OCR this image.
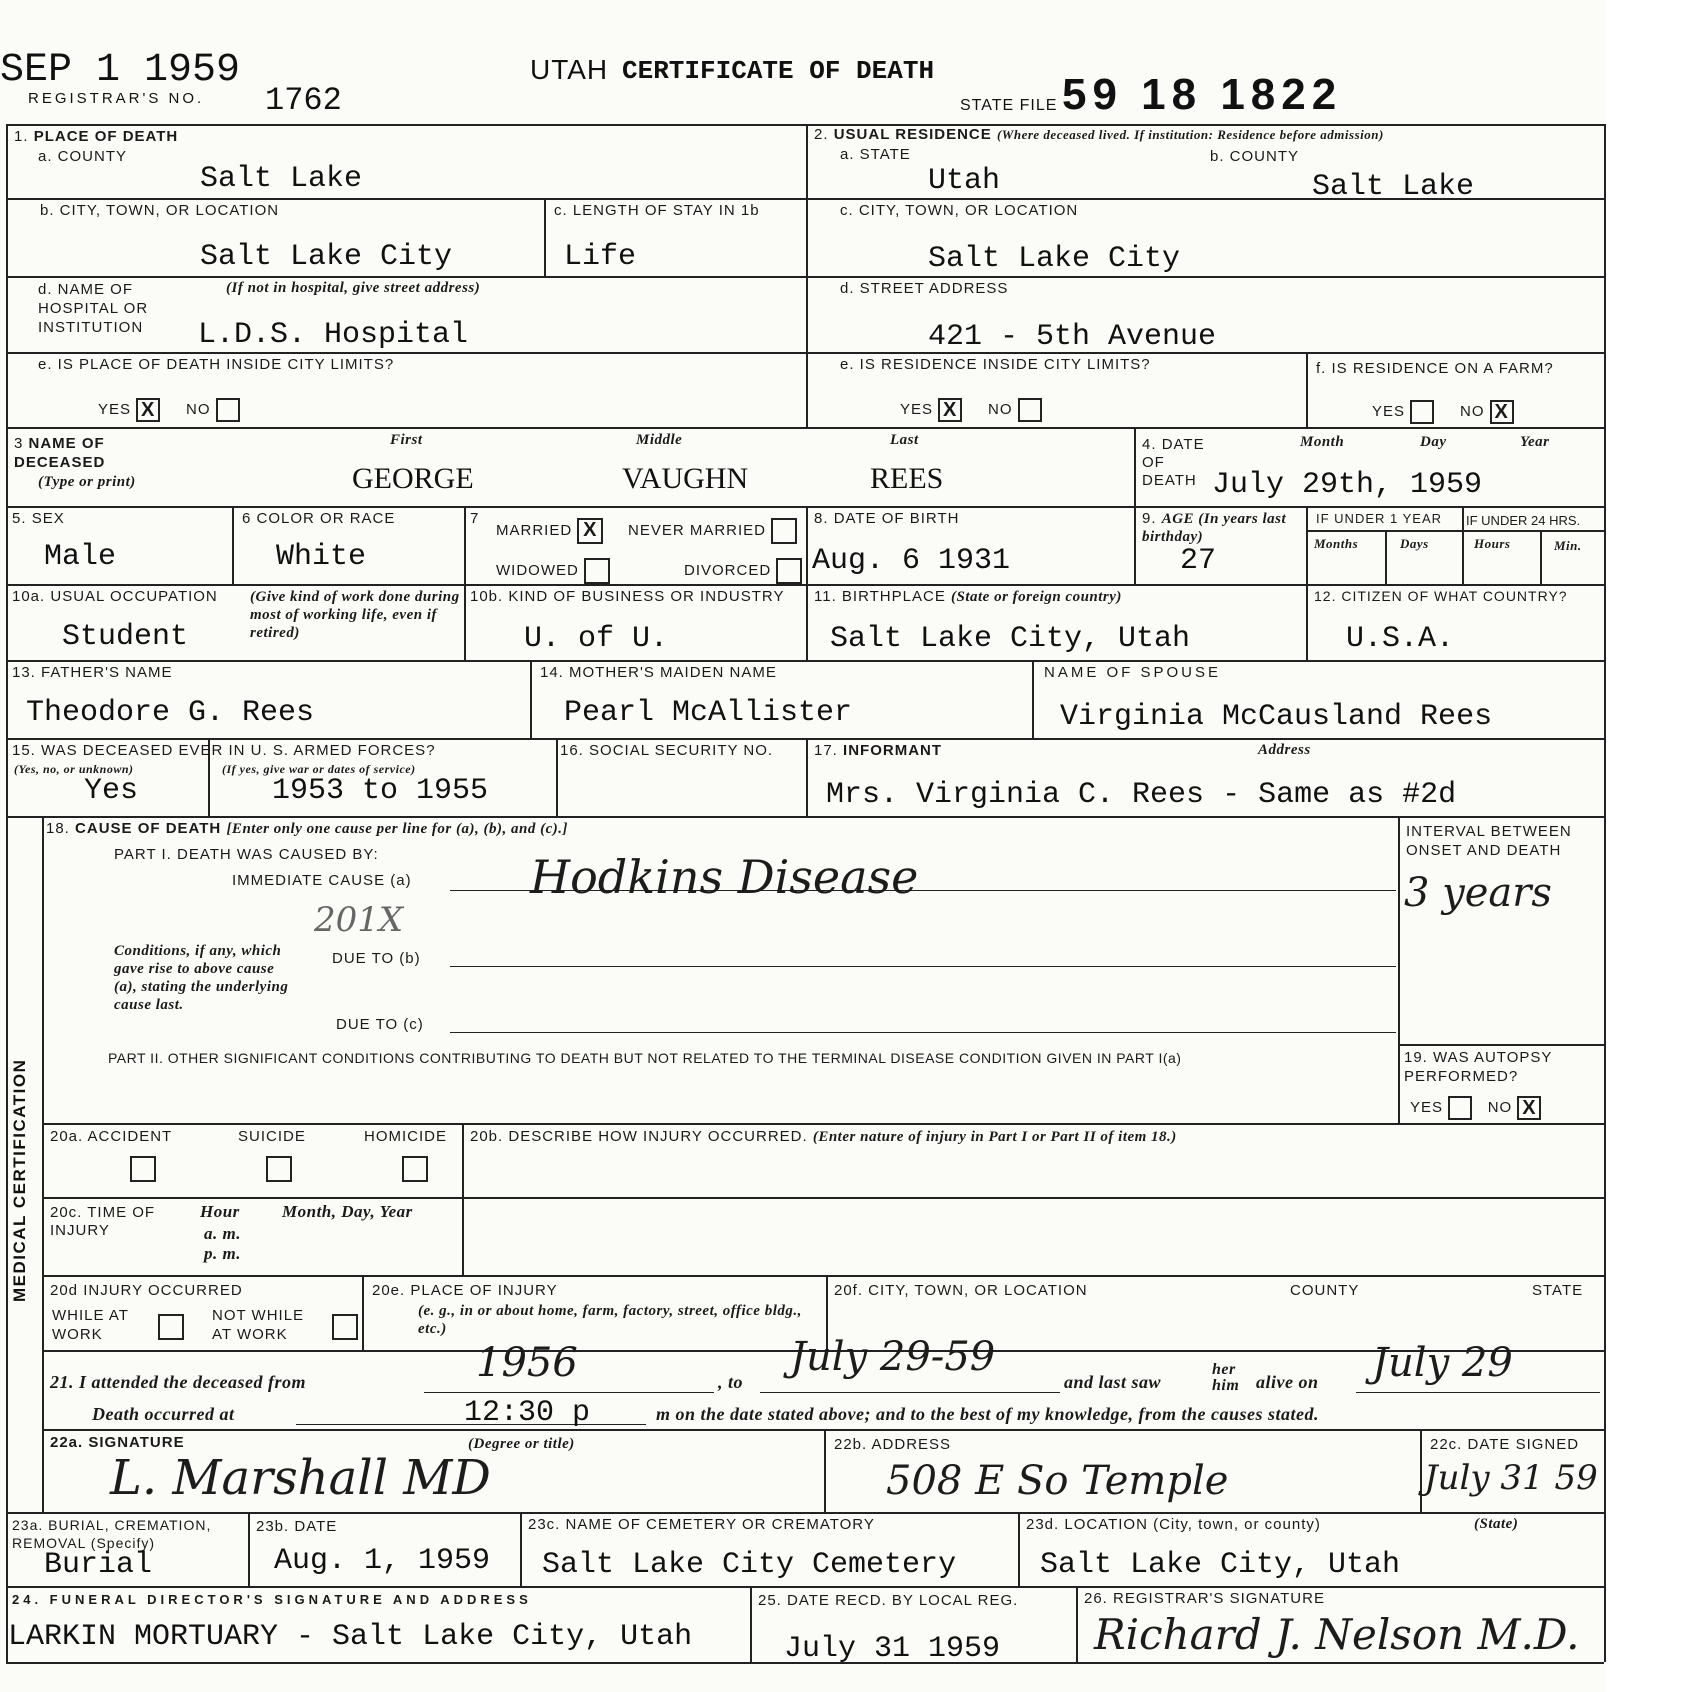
SEP 1 1959
REGISTRAR'S NO. 1762
UTAH CERTIFICATE OF DEATH
STATE FILE 59 18 1822
1. PLACE OF DEATH
a. COUNTY
Salt Lake
2. USUAL RESIDENCE (Where deceased lived. If institution: Residence before admission)
a. STATE	b. COUNTY
Utah	Salt Lake
b. CITY, TOWN, OR LOCATION
Salt Lake City
c. LENGTH OF STAY IN 1b
Life
c. CITY, TOWN, OR LOCATION
Salt Lake City
d. NAME OF HOSPITAL OR INSTITUTION
(If not in hospital, give street address)
L.D.S. Hospital
d. STREET ADDRESS
421 - 5th Avenue
e. IS PLACE OF DEATH INSIDE CITY LIMITS?
YES X NO
e. IS RESIDENCE INSIDE CITY LIMITS?
YES X NO
f. IS RESIDENCE ON A FARM?
YES	NO X
3 NAME OF DECEASED
(Type or print)
First	Middle	Last
GEORGE	VAUGHN	REES
4. DATE OF DEATH
Month	Day	Year
July 29th, 1959
5. SEX
Male
6 COLOR OR RACE
White
7
MARRIED X	NEVER MARRIED
WIDOWED	DIVORCED
8. DATE OF BIRTH
Aug. 6 1931
9. AGE (In years last birthday)
27
IF UNDER 1 YEAR IF UNDER 24 HRS.
Months	Days	Hours	Min.
10a. USUAL OCCUPATION (Give kind of work done during most of working life, even if retired)
Student
10b. KIND OF BUSINESS OR INDUSTRY
U. of U.
11. BIRTHPLACE (State or foreign country)
Salt Lake City, Utah
12. CITIZEN OF WHAT COUNTRY?
U.S.A.
13. FATHER'S NAME
Theodore G. Rees
14. MOTHER'S MAIDEN NAME
Pearl McAllister
NAME OF SPOUSE
Virginia McCausland Rees
15. WAS DECEASED EVER IN U. S. ARMED FORCES?
(Yes, no, or unknown)	(If yes, give war or dates of service)
Yes	1953 to 1955
16. SOCIAL SECURITY NO.	17. INFORMANT	Address
Mrs. Virginia C. Rees - Same as #2d
MEDICAL CERTIFICATION
18. CAUSE OF DEATH [Enter only one cause per line for (a), (b), and (c).]
PART I. DEATH WAS CAUSED BY:
IMMEDIATE CAUSE (a)	Hodkins Disease
201X
INTERVAL BETWEEN ONSET AND DEATH
3 years
Conditions, if any, which gave rise to above cause (a), stating the underlying cause last.
DUE TO (b)
DUE TO (c)
PART II. OTHER SIGNIFICANT CONDITIONS CONTRIBUTING TO DEATH BUT NOT RELATED TO THE TERMINAL DISEASE CONDITION GIVEN IN PART I(a)	19. WAS AUTOPSY PERFORMED?
YES	NO X
20a. ACCIDENT	SUICIDE	HOMICIDE 20b. DESCRIBE HOW INJURY OCCURRED. (Enter nature of injury in Part I or Part II of item 18.)
20c. TIME OF INJURY
Hour Month, Day, Year
a. m.
p. m.
20d INJURY OCCURRED
WHILE AT WORK
NOT WHILE AT WORK
20e. PLACE OF INJURY
(e. g., in or about home, farm, factory, street, office bldg., etc.)
20f. CITY, TOWN, OR LOCATION	COUNTY	STATE
21. I attended the deceased from	1956	, to
July 29-59
and last saw
her
him alive on July 29
Death occurred at	12:30 p	m on the date stated above; and to the best of my knowledge, from the causes stated.
22a. SIGNATURE	(Degree or title)
L. Marshall MD
22b. ADDRESS
508 E So Temple
22c. DATE SIGNED
July 31 59
23a. BURIAL, CREMATION, REMOVAL (Specify)
Burial
23b. DATE
Aug. 1, 1959
23c. NAME OF CEMETERY OR CREMATORY
Salt Lake City Cemetery
23d. LOCATION (City, town, or county)	(State)
Salt Lake City, Utah
24. FUNERAL DIRECTOR'S SIGNATURE AND ADDRESS
LARKIN MORTUARY - Salt Lake City, Utah
25. DATE RECD. BY LOCAL REG.
July 31 1959
26. REGISTRAR'S SIGNATURE
Richard J. Nelson M.D.
